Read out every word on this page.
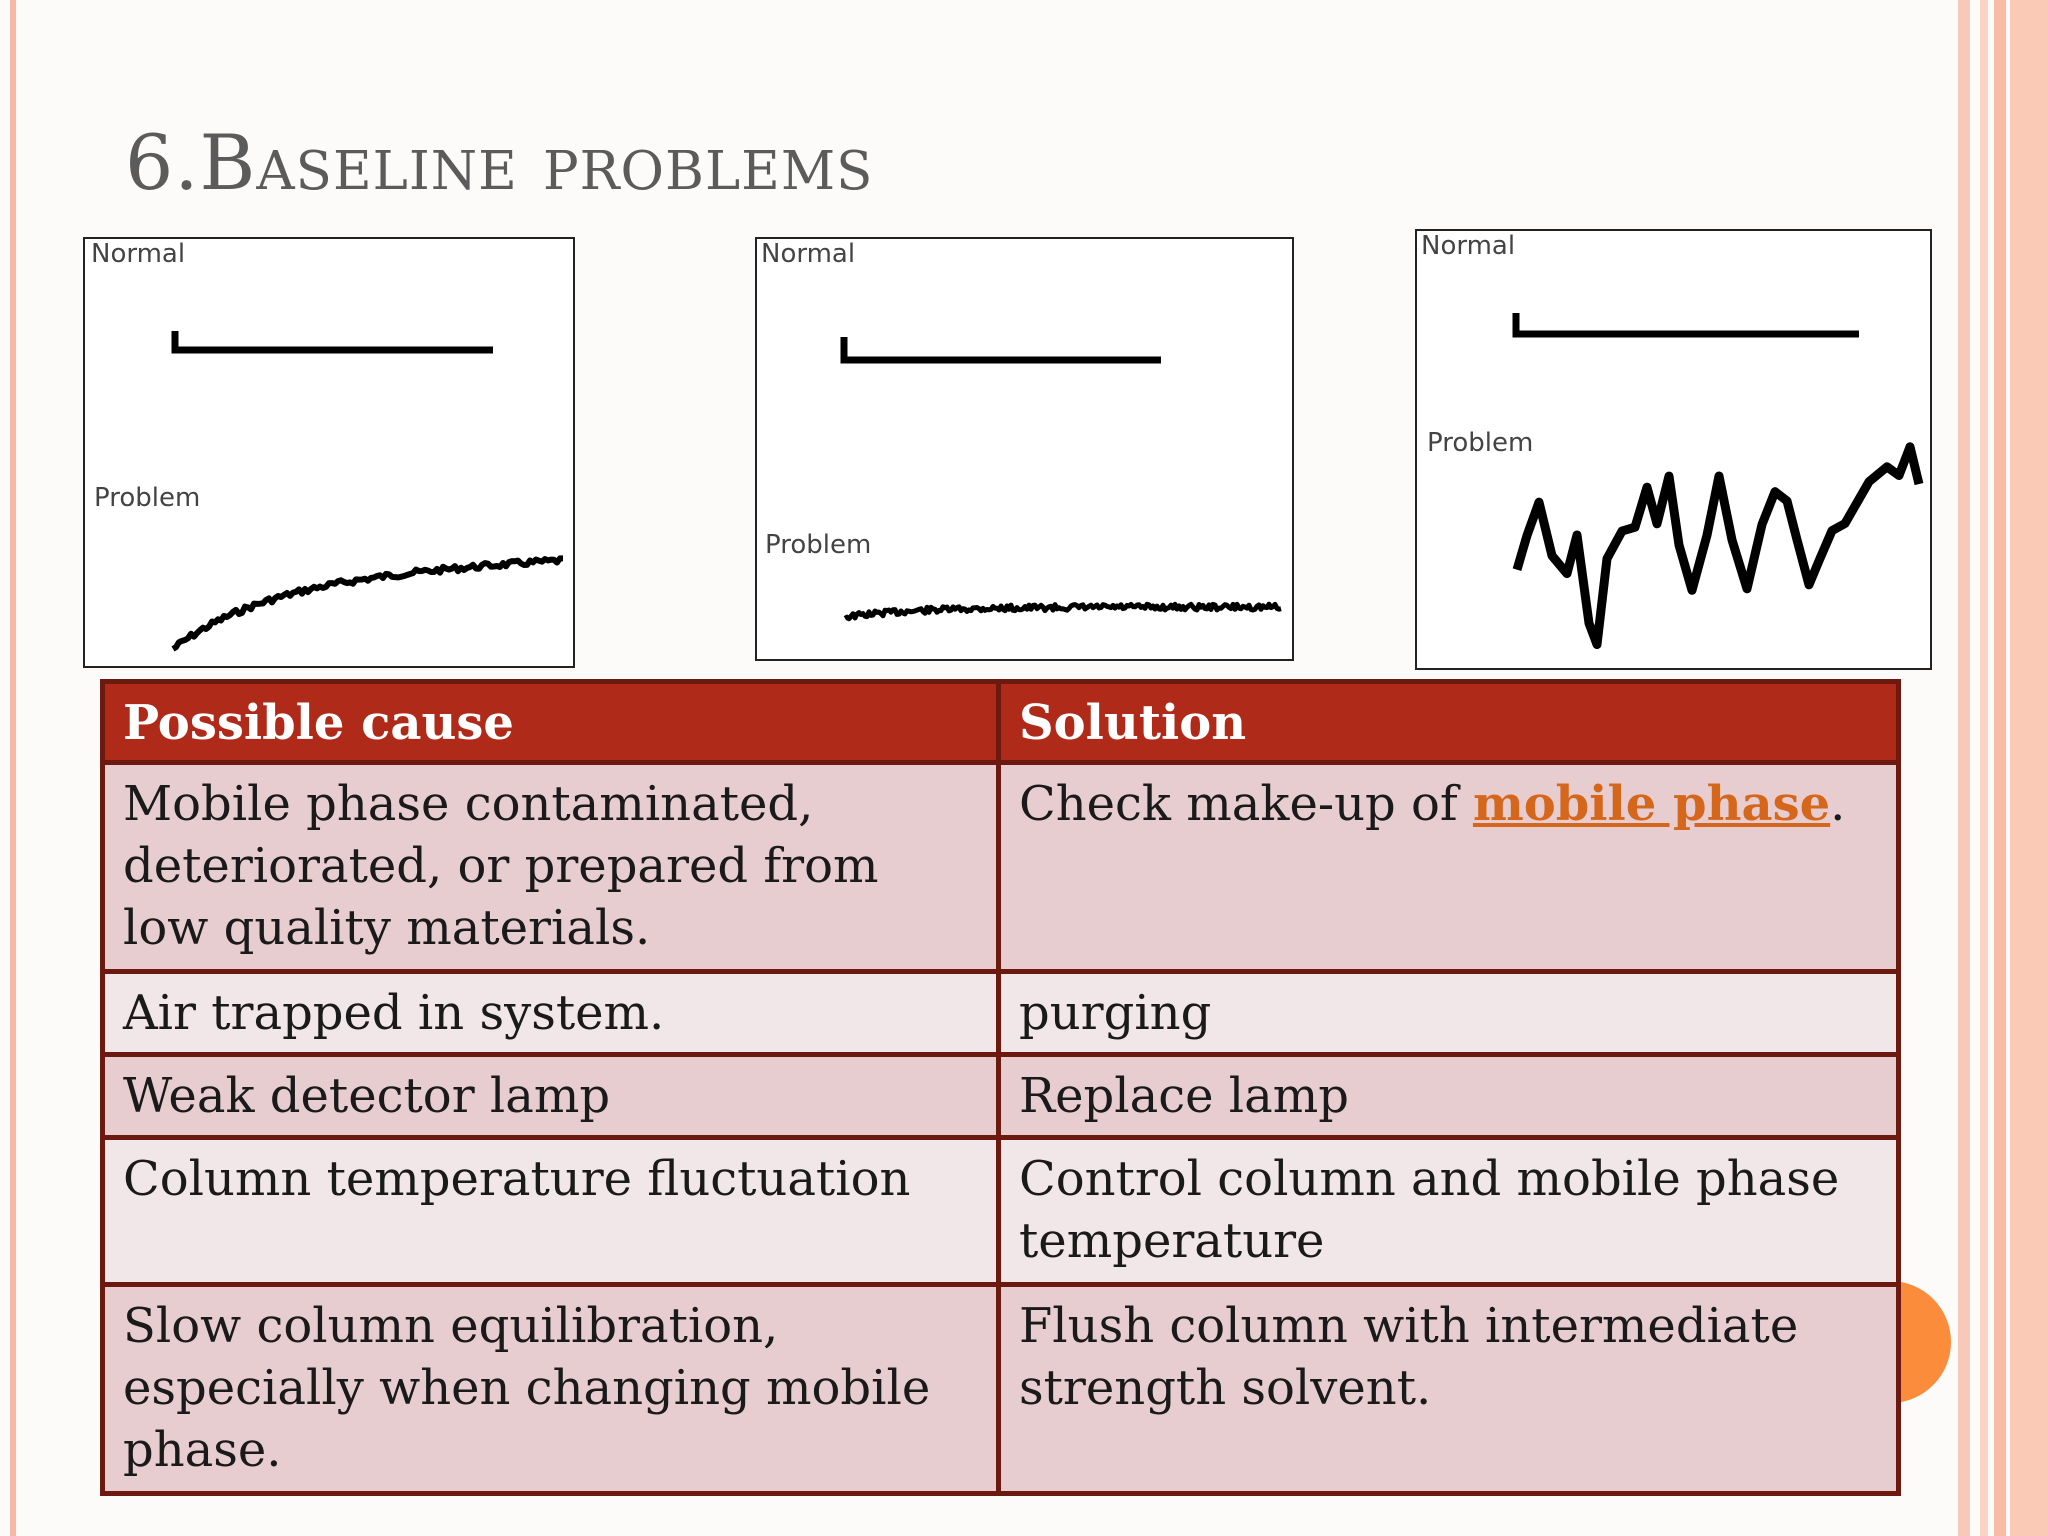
6.Baseline problems
Normal
Problem
Normal
Problem
Normal
Problem
Possible cause	Solution
Mobile phase contaminated, deteriorated, or prepared from low quality materials.	Check make-up of mobile phase.
Air trapped in system.	purging
Weak detector lamp	Replace lamp
Column temperature fluctuation	Control column and mobile phase temperature
Slow column equilibration, especially when changing mobile phase.	Flush column with intermediate strength solvent.
